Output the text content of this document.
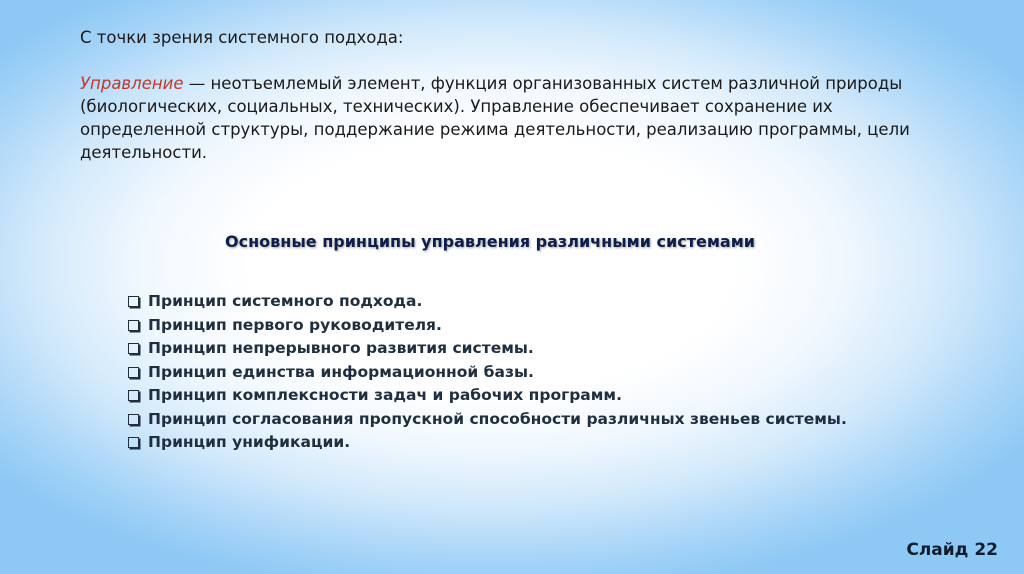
С точки зрения системного подхода:

Управление — неотъемлемый элемент, функция организованных систем различной природы (биологических, социальных, технических). Управление обеспечивает сохранение их определенной структуры, поддержание режима деятельности, реализацию программы, цели деятельности.

Основные принципы управления различными системами
Принцип системного подхода.
Принцип первого руководителя.
Принцип непрерывного развития системы.
Принцип единства информационной базы.
Принцип комплексности задач и рабочих программ.
Принцип согласования пропускной способности различных звеньев системы.
Принцип унификации.
Слайд 22
